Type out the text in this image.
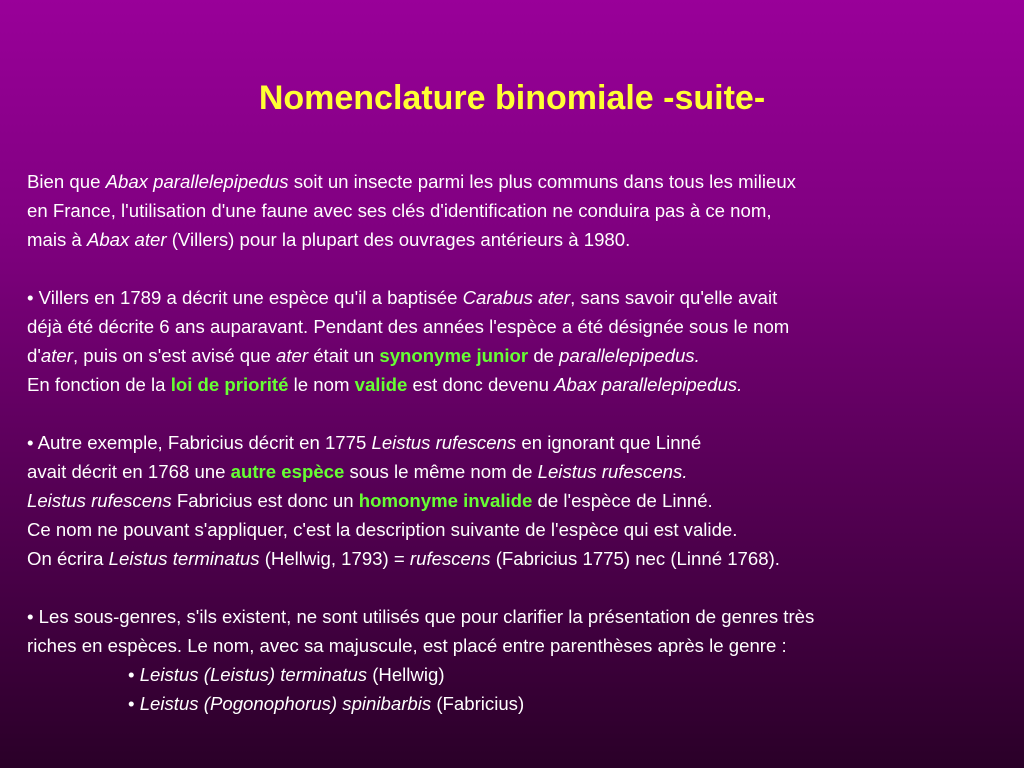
Nomenclature binomiale -suite-
Bien que Abax parallelepipedus soit un insecte parmi les plus communs dans tous les milieux
en France, l'utilisation d'une faune avec ses clés d'identification ne conduira pas à ce nom,
mais à Abax ater (Villers) pour la plupart des ouvrages antérieurs à 1980.
• Villers en 1789 a décrit une espèce qu'il a baptisée Carabus ater, sans savoir qu'elle avait
déjà été décrite 6 ans auparavant. Pendant des années l'espèce a été désignée sous le nom
d'ater, puis on s'est avisé que ater était un synonyme junior de parallelepipedus.
En fonction de la loi de priorité le nom valide est donc devenu Abax parallelepipedus.
• Autre exemple, Fabricius décrit en 1775 Leistus rufescens en ignorant que Linné
avait décrit en 1768 une autre espèce sous le même nom de Leistus rufescens.
Leistus rufescens Fabricius est donc un homonyme invalide de l'espèce de Linné.
Ce nom ne pouvant s'appliquer, c'est la description suivante de l'espèce qui est valide.
On écrira Leistus terminatus (Hellwig, 1793) = rufescens (Fabricius 1775) nec (Linné 1768).
• Les sous-genres, s'ils existent, ne sont utilisés que pour clarifier la présentation de genres très
riches en espèces. Le nom, avec sa majuscule, est placé entre parenthèses après le genre :
• Leistus (Leistus) terminatus (Hellwig)
• Leistus (Pogonophorus) spinibarbis (Fabricius)
